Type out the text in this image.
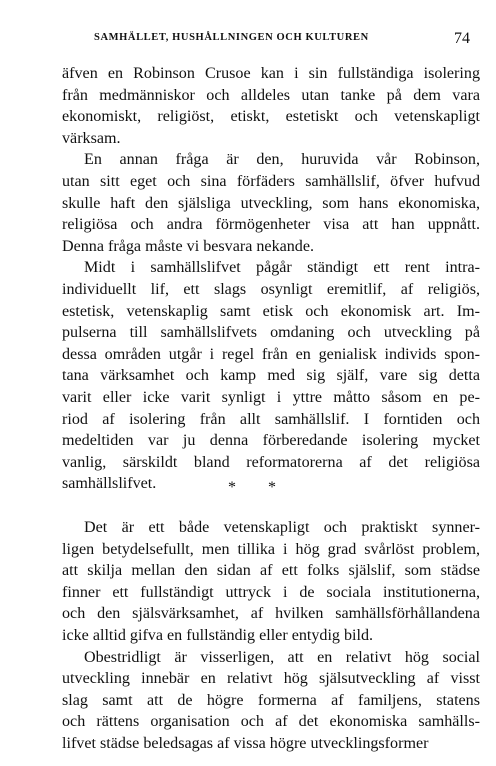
SAMHÄLLET, HUSHÅLLNINGEN OCH KULTUREN	74
äfven en Robinson Crusoe kan i sin fullständiga isolering
från medmänniskor och alldeles utan tanke på dem vara
ekonomiskt, religiöst, etiskt, estetiskt och vetenskapligt
värksam.
En annan fråga är den, huruvida vår Robinson,
utan sitt eget och sina förfäders samhällslif, öfver hufvud
skulle haft den själsliga utveckling, som hans ekonomiska,
religiösa och andra förmögenheter visa att han uppnått.
Denna fråga måste vi besvara nekande.
Midt i samhällslifvet pågår ständigt ett rent intra-
individuellt lif, ett slags osynligt eremitlif, af religiös,
estetisk, vetenskaplig samt etisk och ekonomisk art. Im-
pulserna till samhällslifvets omdaning och utveckling på
dessa områden utgår i regel från en genialisk individs spon-
tana värksamhet och kamp med sig själf, vare sig detta
varit eller icke varit synligt i yttre måtto såsom en pe-
riod af isolering från allt samhällslif. I forntiden och
medeltiden var ju denna förberedande isolering mycket
vanlig, särskildt bland reformatorerna af det religiösa
samhällslifvet.	* *
Det är ett både vetenskapligt och praktiskt synner-
ligen betydelsefullt, men tillika i hög grad svårlöst problem,
att skilja mellan den sidan af ett folks själslif, som städse
finner ett fullständigt uttryck i de sociala institutionerna,
och den själsvärksamhet, af hvilken samhällsförhållandena
icke alltid gifva en fullständig eller entydig bild.
Obestridligt är visserligen, att en relativt hög social
utveckling innebär en relativt hög själsutveckling af visst
slag samt att de högre formerna af familjens, statens
och rättens organisation och af det ekonomiska samhälls-
lifvet städse beledsagas af vissa högre utvecklingsformer
